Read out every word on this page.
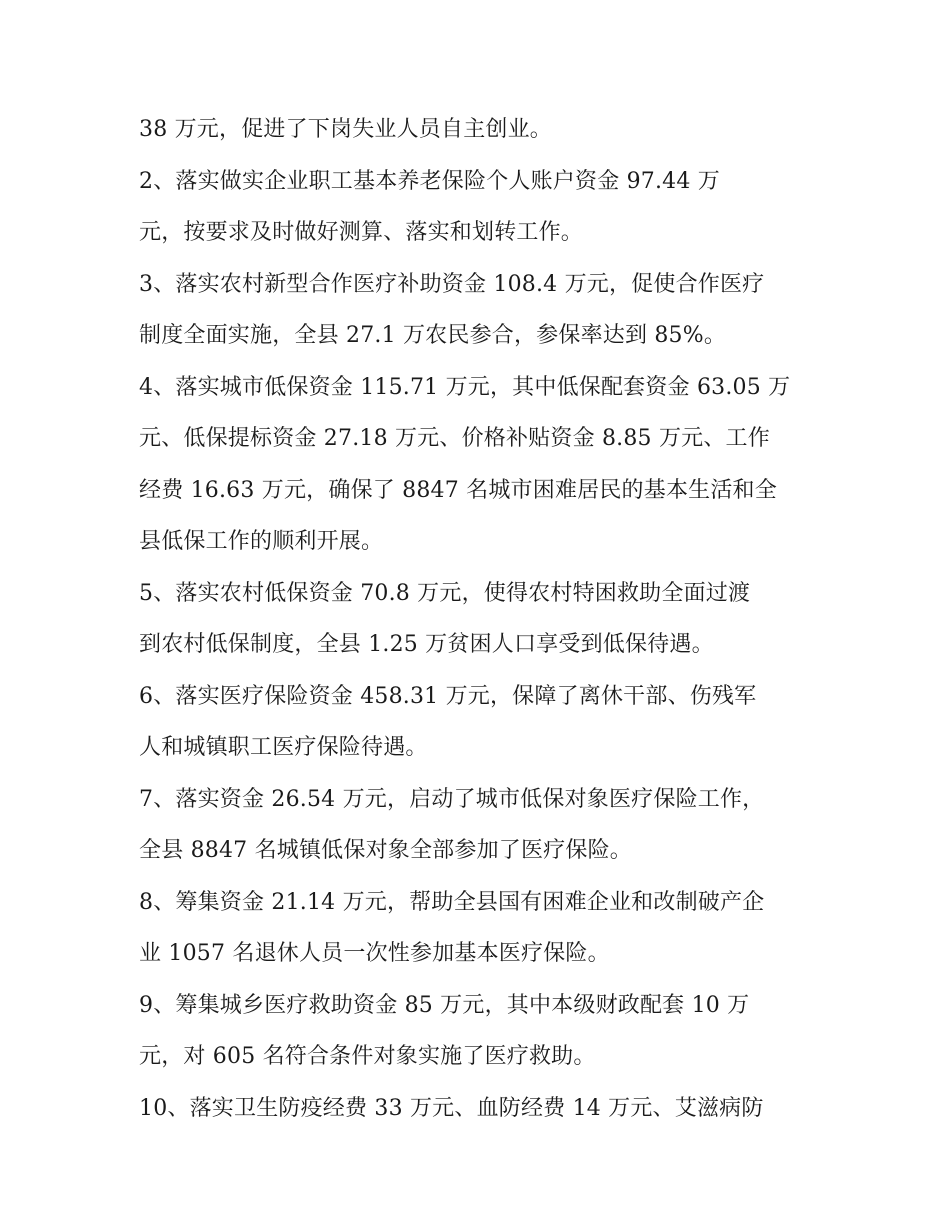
38 万元，促进了下岗失业人员自主创业。
2、落实做实企业职工基本养老保险个人账户资金 97.44 万
元，按要求及时做好测算、落实和划转工作。
3、落实农村新型合作医疗补助资金 108.4 万元，促使合作医疗
制度全面实施，全县 27.1 万农民参合，参保率达到 85%。
4、落实城市低保资金 115.71 万元，其中低保配套资金 63.05 万
元、低保提标资金 27.18 万元、价格补贴资金 8.85 万元、工作
经费 16.63 万元，确保了 8847 名城市困难居民的基本生活和全
县低保工作的顺利开展。
5、落实农村低保资金 70.8 万元，使得农村特困救助全面过渡
到农村低保制度，全县 1.25 万贫困人口享受到低保待遇。
6、落实医疗保险资金 458.31 万元，保障了离休干部、伤残军
人和城镇职工医疗保险待遇。
7、落实资金 26.54 万元，启动了城市低保对象医疗保险工作，
全县 8847 名城镇低保对象全部参加了医疗保险。
8、筹集资金 21.14 万元，帮助全县国有困难企业和改制破产企
业 1057 名退休人员一次性参加基本医疗保险。
9、筹集城乡医疗救助资金 85 万元，其中本级财政配套 10 万
元，对 605 名符合条件对象实施了医疗救助。
10、落实卫生防疫经费 33 万元、血防经费 14 万元、艾滋病防
